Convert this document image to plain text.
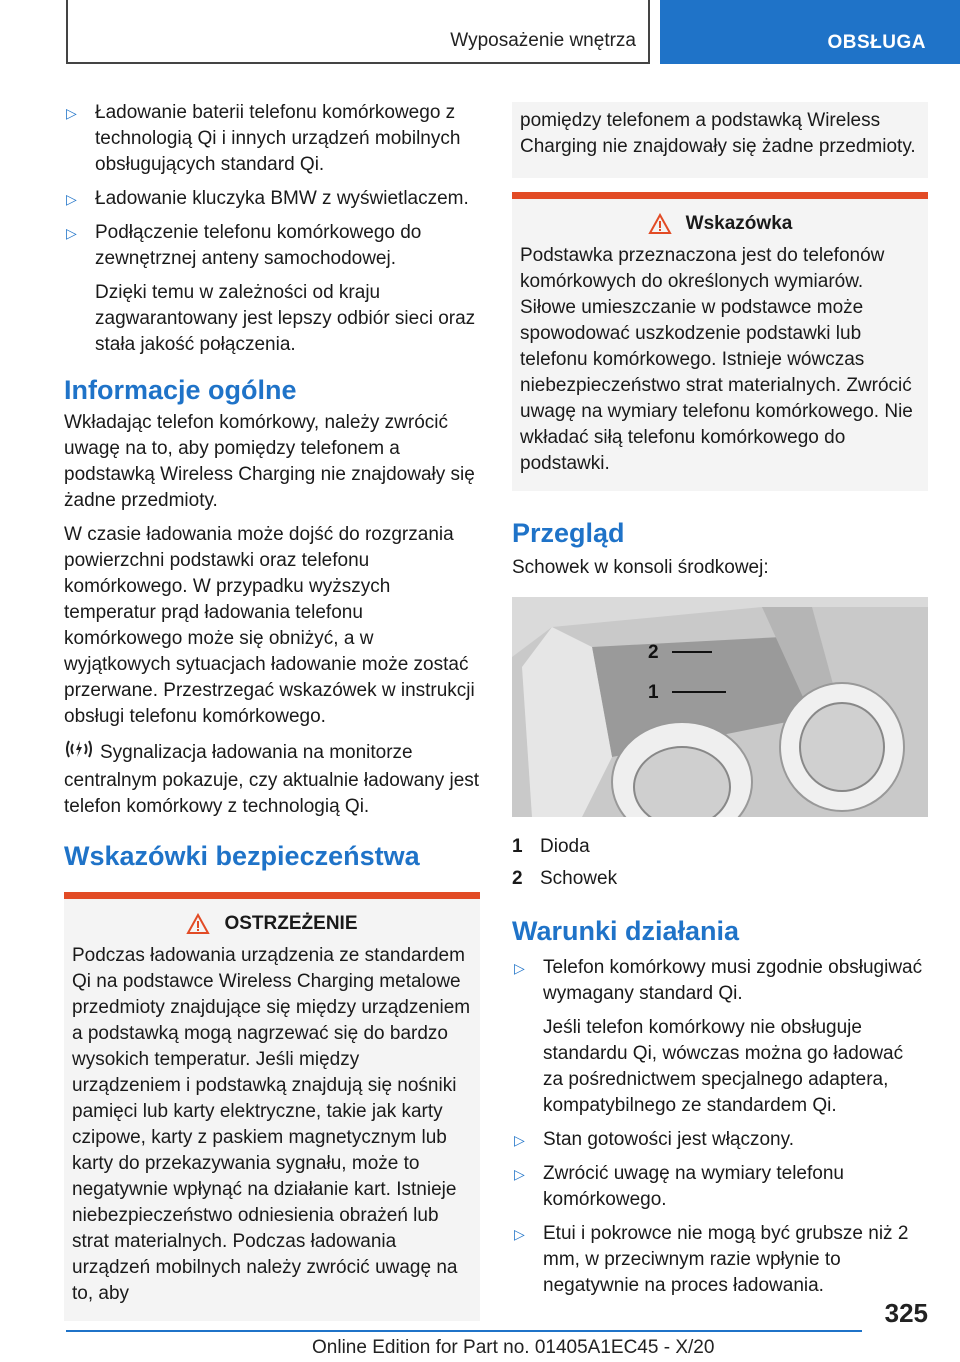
Wyposażenie wnętrza	OBSŁUGA
▷ Ładowanie baterii telefonu komórkowego z technologią Qi i innych urządzeń mobilnych obsługujących standard Qi.
▷ Ładowanie kluczyka BMW z wyświetlaczem.
▷ Podłączenie telefonu komórkowego do zewnętrznej anteny samochodowej.
Dzięki temu w zależności od kraju zagwarantowany jest lepszy odbiór sieci oraz stała jakość połączenia.
Informacje ogólne

Wkładając telefon komórkowy, należy zwrócić uwagę na to, aby pomiędzy telefonem a podstawką Wireless Charging nie znajdowały się żadne przedmioty.

W czasie ładowania może dojść do rozgrzania powierzchni podstawki oraz telefonu komórkowego. W przypadku wyższych temperatur prąd ładowania telefonu komórkowego może się obniżyć, a w wyjątkowych sytuacjach ładowanie może zostać przerwane. Przestrzegać wskazówek w instrukcji obsługi telefonu komórkowego.

Sygnalizacja ładowania na monitorze centralnym pokazuje, czy aktualnie ładowany jest telefon komórkowy z technologią Qi.

Wskazówki bezpieczeństwa
OSTRZEŻENIE

Podczas ładowania urządzenia ze standardem Qi na podstawce Wireless Charging metalowe przedmioty znajdujące się między urządzeniem a podstawką mogą nagrzewać się do bardzo wysokich temperatur. Jeśli między urządzeniem i podstawką znajdują się nośniki pamięci lub karty elektryczne, takie jak karty czipowe, karty z paskiem magnetycznym lub karty do przekazywania sygnału, może to negatywnie wpłynąć na działanie kart. Istnieje niebezpieczeństwo odniesienia obrażeń lub strat materialnych. Podczas ładowania urządzeń mobilnych należy zwrócić uwagę na to, aby

pomiędzy telefonem a podstawką Wireless Charging nie znajdowały się żadne przedmioty.

Wskazówka

Podstawka przeznaczona jest do telefonów komórkowych do określonych wymiarów. Siłowe umieszczanie w podstawce może spowodować uszkodzenie podstawki lub telefonu komórkowego. Istnieje wówczas niebezpieczeństwo strat materialnych. Zwrócić uwagę na wymiary telefonu komórkowego. Nie wkładać siłą telefonu komórkowego do podstawki.

Przegląd

Schowek w konsoli środkowej:

2
1
1 Dioda
2 Schowek
Warunki działania
▷ Telefon komórkowy musi zgodnie obsługiwać wymagany standard Qi.
Jeśli telefon komórkowy nie obsługuje standardu Qi, wówczas można go ładować za pośrednictwem specjalnego adaptera, kompatybilnego ze standardem Qi.
▷ Stan gotowości jest włączony.
▷ Zwrócić uwagę na wymiary telefonu komórkowego.
▷ Etui i pokrowce nie mogą być grubsze niż 2 mm, w przeciwnym razie wpłynie to negatywnie na proces ładowania.
325
Online Edition for Part no. 01405A1EC45 - X/20
